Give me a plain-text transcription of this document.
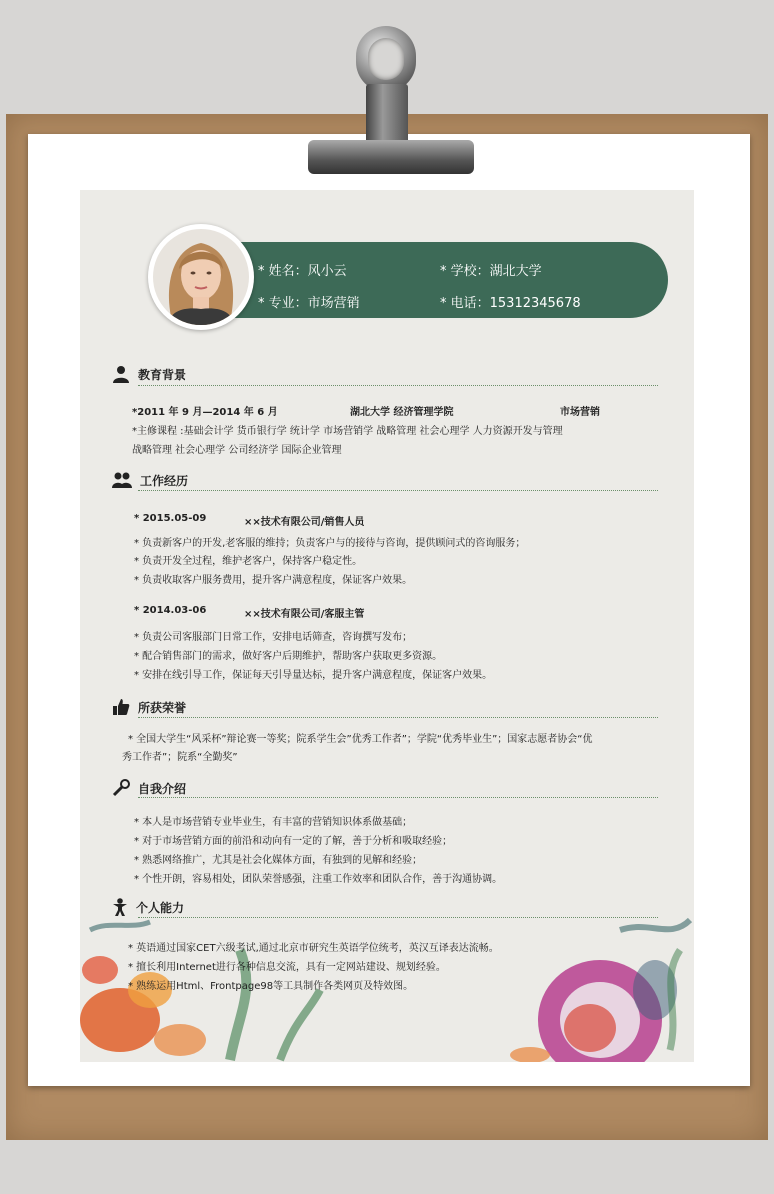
* 姓名：风小云	* 学校：湖北大学
* 专业：市场营销	* 电话：15312345678
教育背景
*2011 年 9 月—2014 年 6 月	湖北大学 经济管理学院	市场营销
*主修课程 :基础会计学 货币银行学 统计学 市场营销学 战略管理 社会心理学 人力资源开发与管理
战略管理 社会心理学 公司经济学 国际企业管理
工作经历
* 2015.05-09	××技术有限公司/销售人员
* 负责新客户的开发,老客服的维持；负责客户与的接待与咨询，提供顾问式的咨询服务；
* 负责开发全过程，维护老客户，保持客户稳定性。
* 负责收取客户服务费用，提升客户满意程度，保证客户效果。
* 2014.03-06	××技术有限公司/客服主管
* 负责公司客服部门日常工作，安排电话筛查，咨询撰写发布；
* 配合销售部门的需求，做好客户后期维护，帮助客户获取更多资源。
* 安排在线引导工作，保证每天引导量达标，提升客户满意程度，保证客户效果。
所获荣誉
* 全国大学生“风采杯”辩论赛一等奖；院系学生会”优秀工作者”；学院“优秀毕业生”；国家志愿者协会“优
秀工作者”；院系“全勤奖”
自我介绍
* 本人是市场营销专业毕业生，有丰富的营销知识体系做基础；
* 对于市场营销方面的前沿和动向有一定的了解，善于分析和吸取经验；
* 熟悉网络推广，尤其是社会化媒体方面，有独到的见解和经验；
* 个性开朗，容易相处，团队荣誉感强，注重工作效率和团队合作，善于沟通协调。
个人能力
* 英语通过国家CET六级考试,通过北京市研究生英语学位统考，英汉互译表达流畅。
* 擅长利用Internet进行各种信息交流，具有一定网站建设、规划经验。
* 熟练运用Html、Frontpage98等工具制作各类网页及特效图。
